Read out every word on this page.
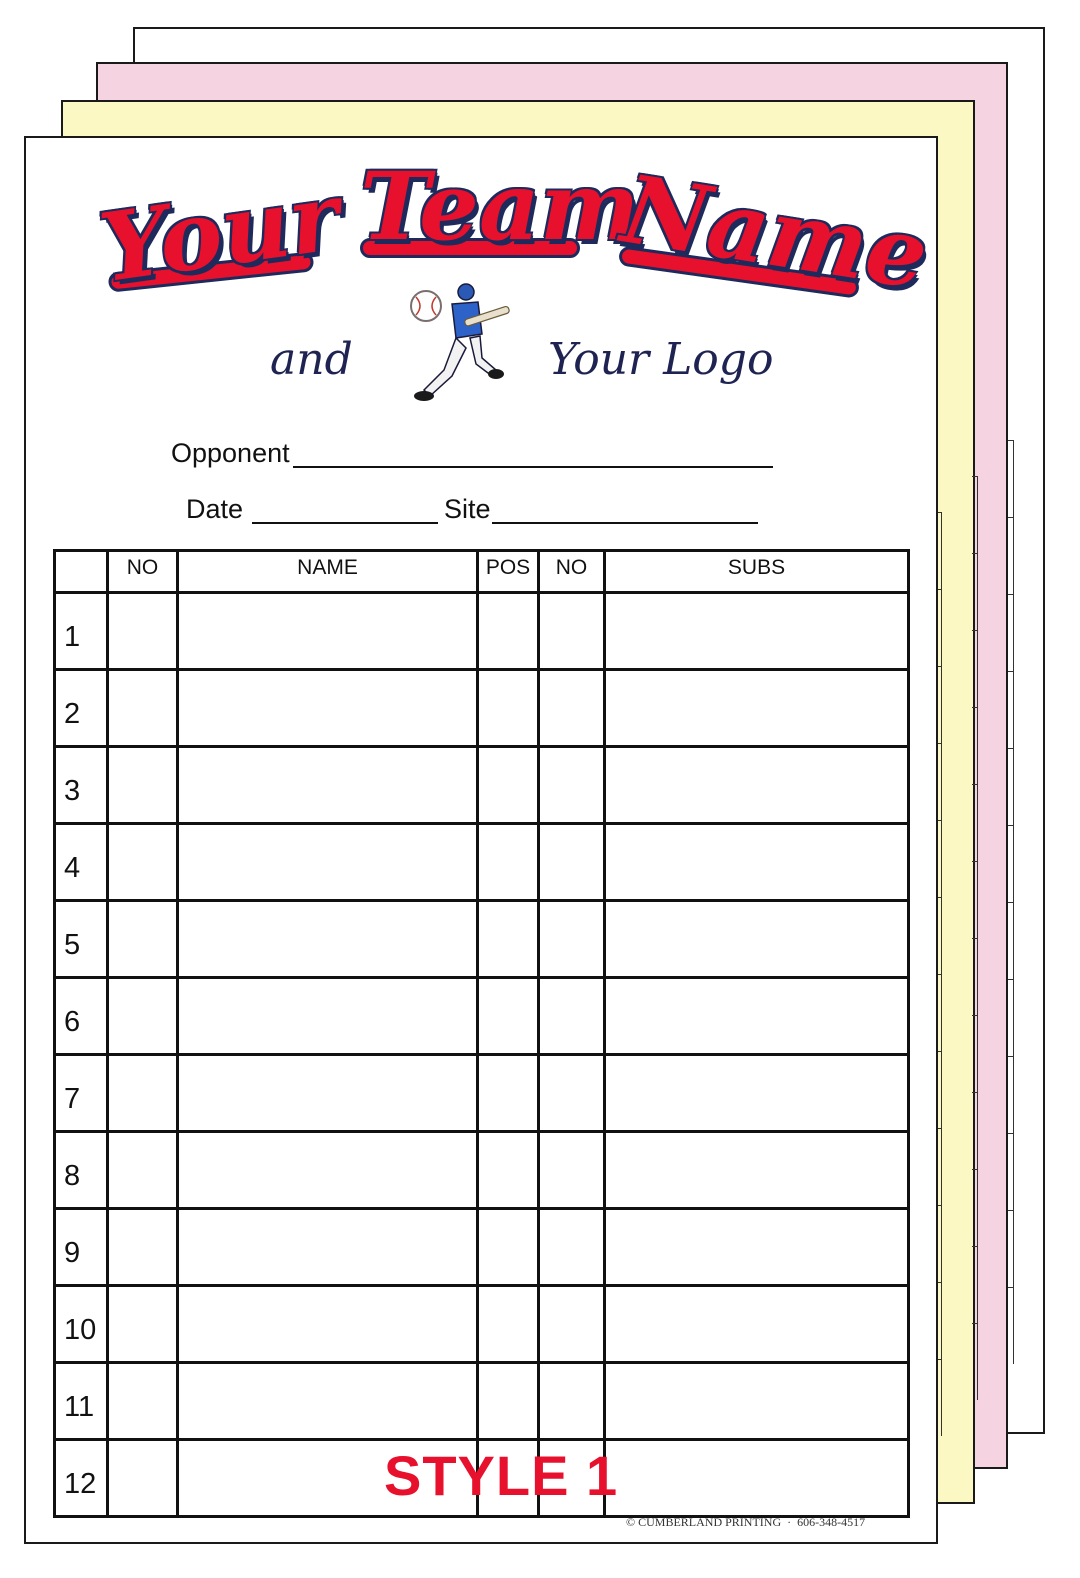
Your Team
Name
and	Your Logo
Opponent
Date	Site
	NO	NAME	POS	NO	SUBS
1					
2					
3					
4					
5					
6					
7					
8					
9					
10					
11					
12						STYLE 1
© CUMBERLAND PRINTING  ·  606-348-4517
